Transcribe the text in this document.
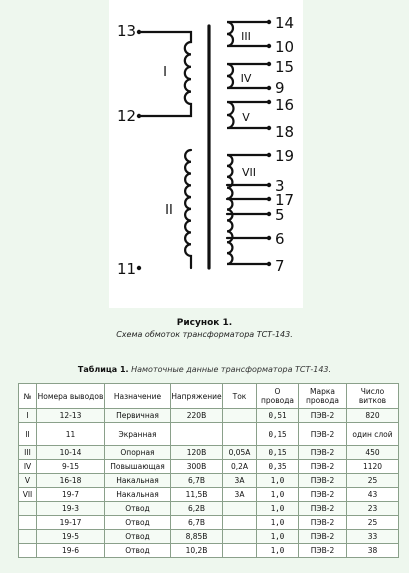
13
12
11
I
II
14
10
15
9
16
18
19
3
17
5
6
7
III
IV
V
VII
Рисунок 1.
Схема обмоток трансформатора ТСТ-143.
Таблица 1. Намоточные данные трансформатора ТСТ-143.
№	Номера выводов	Назначение	Напряжение	Ток	О провода	Марка провода	Число витков
I	12-13	Первичная	220В		0,51	ПЭВ-2	820
II	11	Экранная			0,15	ПЭВ-2	один слой
III	10-14	Опорная	120В	0,05А	0,15	ПЭВ-2	450
IV	9-15	Повышающая	300В	0,2А	0,35	ПЭВ-2	1120
V	16-18	Накальная	6,7В	3А	1,0	ПЭВ-2	25
VII	19-7	Накальная	11,5В	3А	1,0	ПЭВ-2	43
	19-3	Отвод	6,2В		1,0	ПЭВ-2	23
	19-17	Отвод	6,7В		1,0	ПЭВ-2	25
	19-5	Отвод	8,85В		1,0	ПЭВ-2	33
	19-6	Отвод	10,2В		1,0	ПЭВ-2	38
